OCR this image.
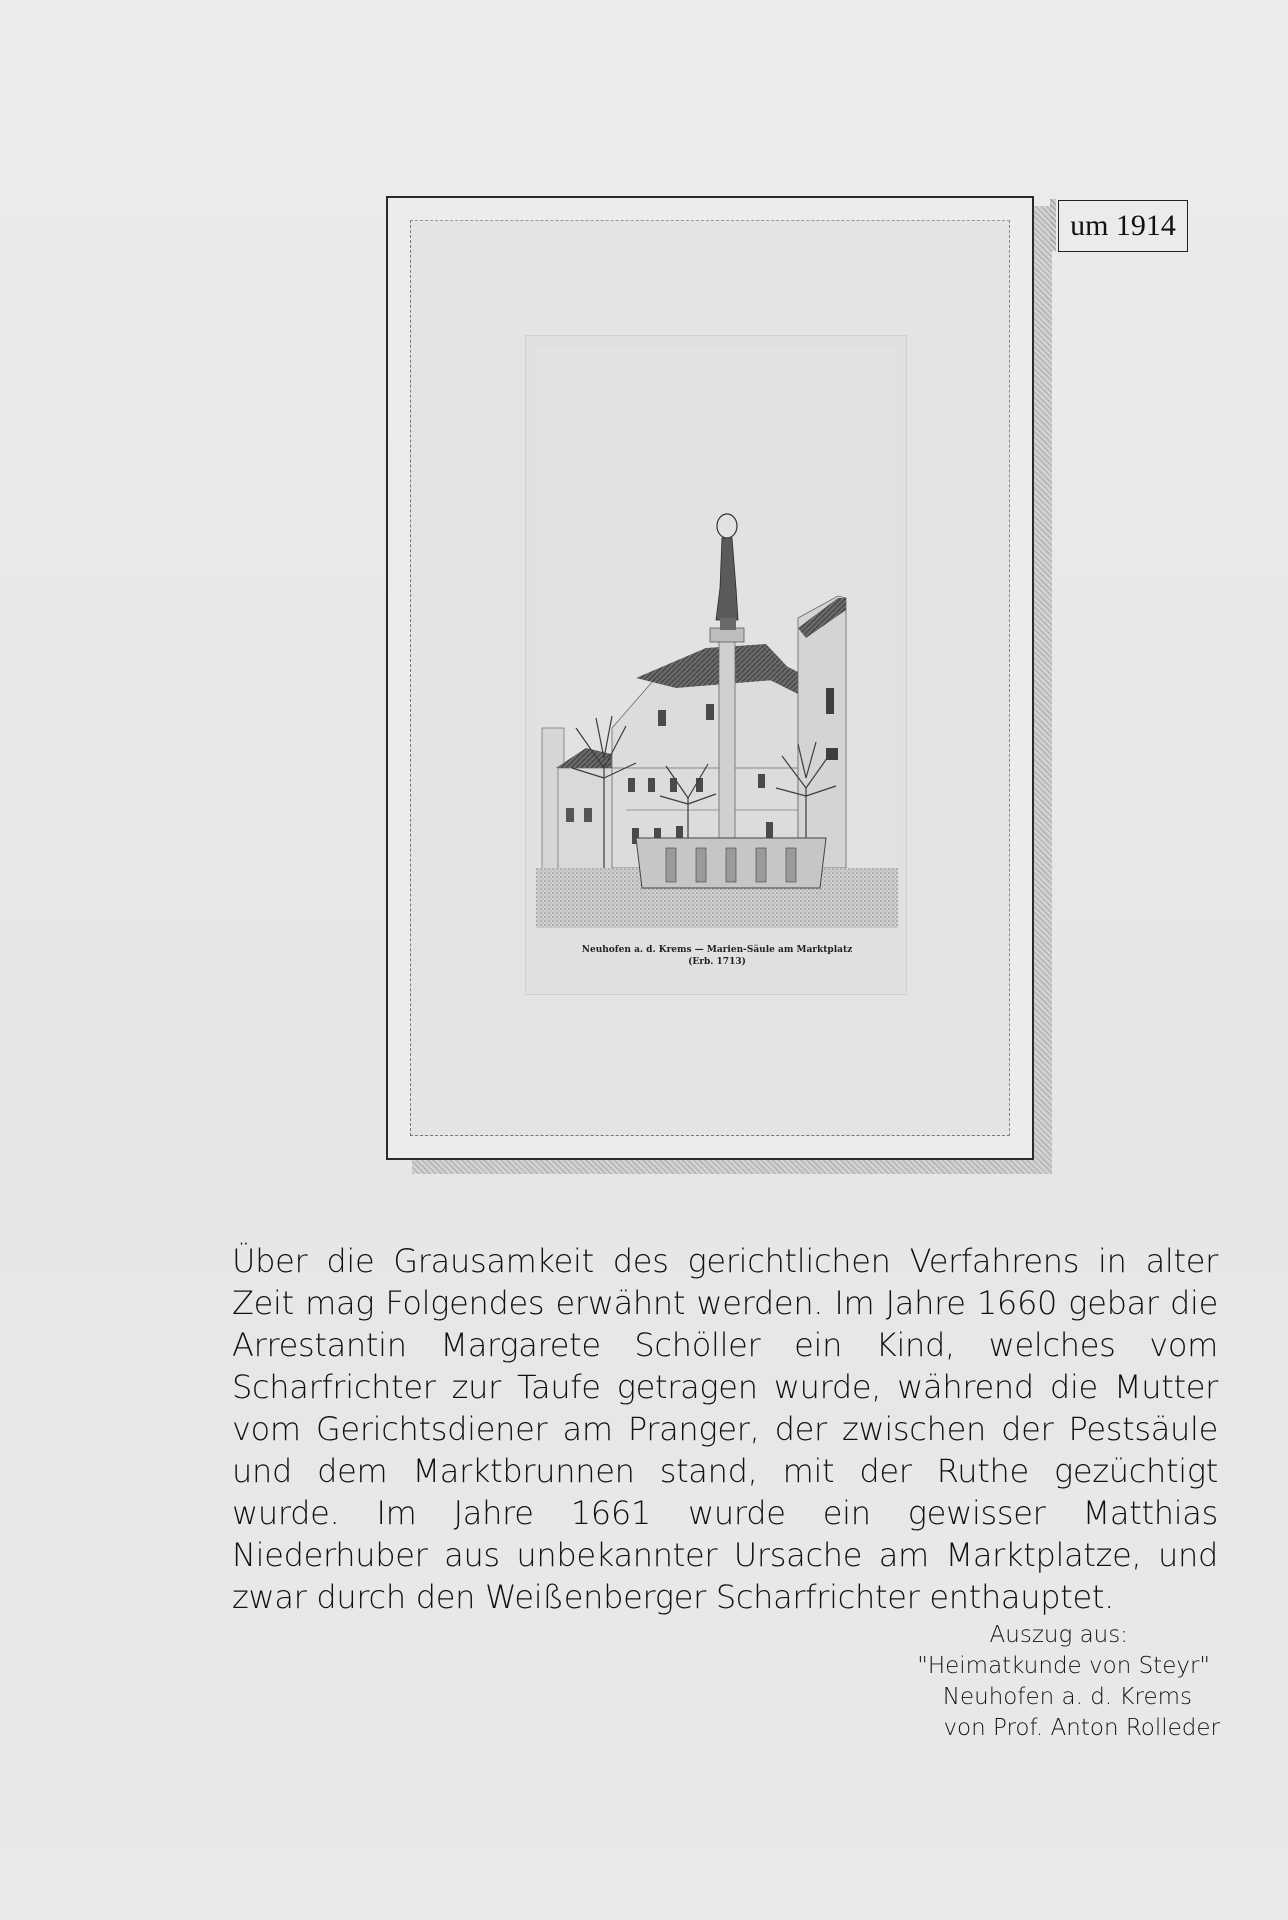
Neuhofen a. d. Krems — Marien-Säule am Marktplatz
(Erb. 1713)
um 1914

Über die Grausamkeit des gerichtlichen Verfahrens in alter Zeit mag Folgendes erwähnt werden. Im Jahre 1660 gebar die Arrestantin Margarete Schöller ein Kind, welches vom Scharfrichter zur Taufe getragen wurde, während die Mutter vom Gerichtsdiener am Pranger, der zwischen der Pestsäule und dem Marktbrunnen stand, mit der Ruthe gezüchtigt wurde. Im Jahre 1661 wurde ein gewisser Matthias Niederhuber aus unbekannter Ursache am Marktplatze, und zwar durch den Weißenberger Scharfrichter enthauptet.

Auszug aus:
"Heimatkunde von Steyr"
Neuhofen a. d. Krems
von Prof. Anton Rolleder
